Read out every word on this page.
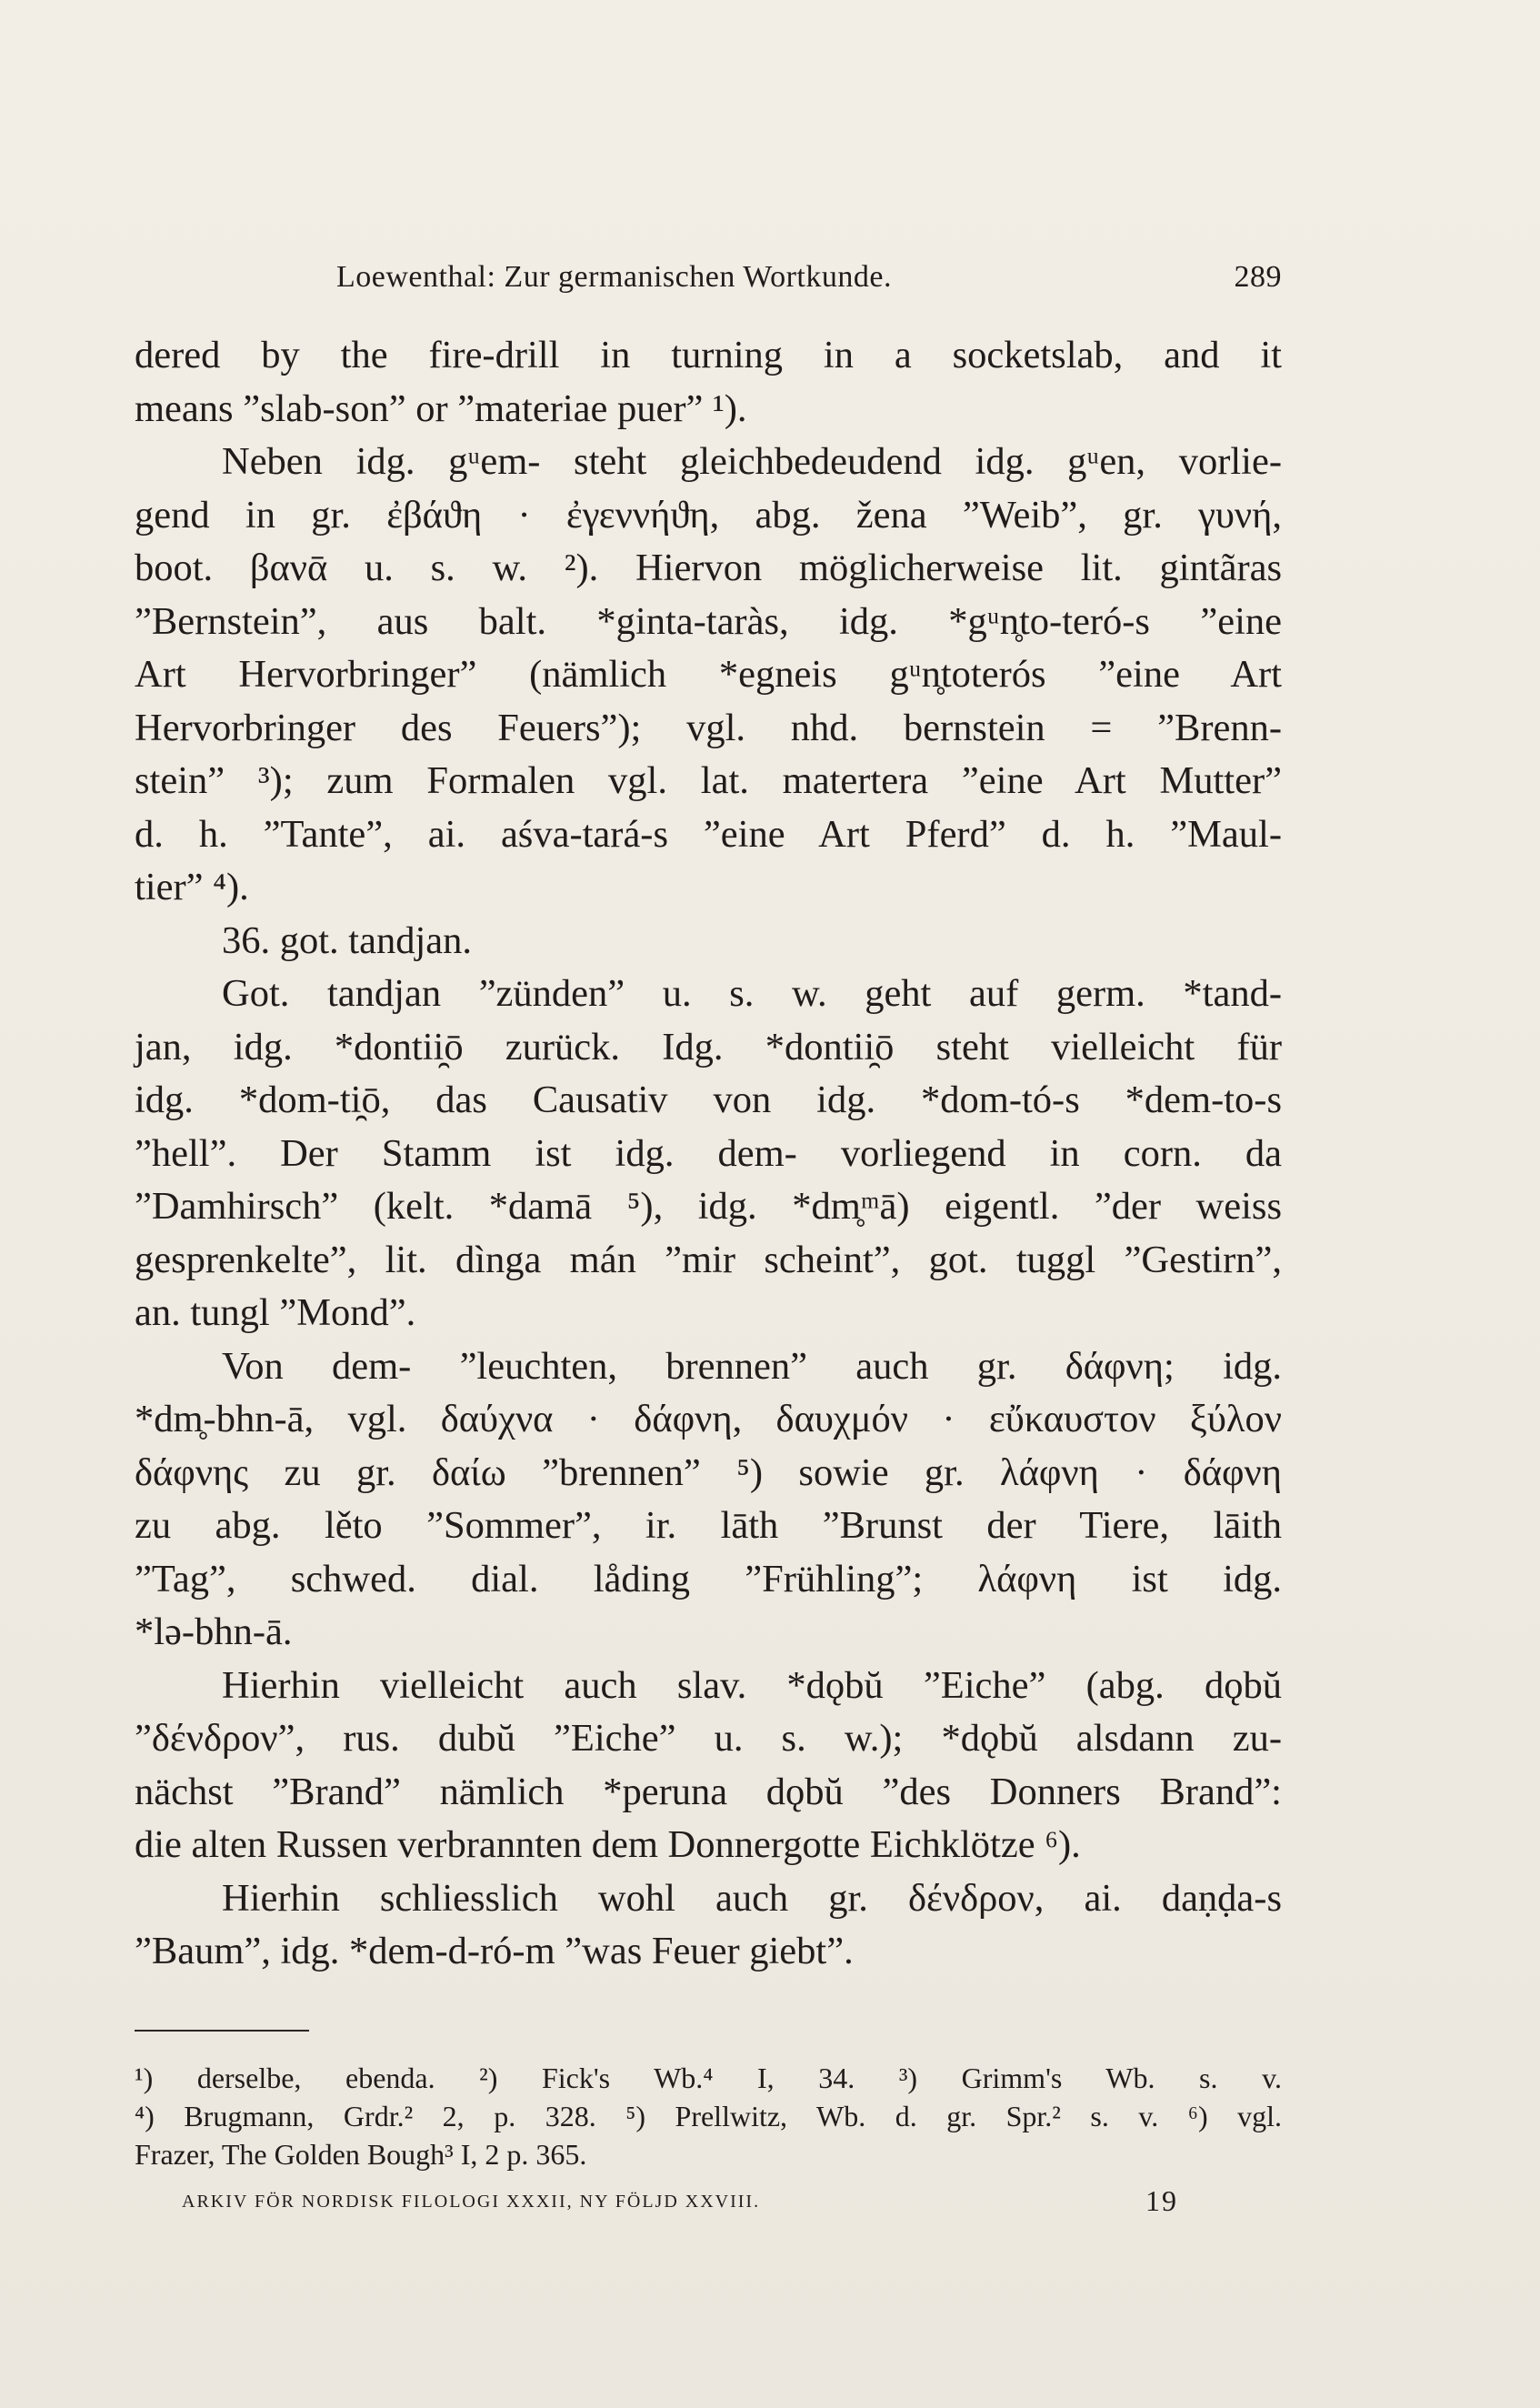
Loewenthal: Zur germanischen Wortkunde.	289
dered by the fire-drill in turning in a socketslab, and it
means ”slab-son” or ”materiae puer” ¹).
Neben idg. gᵘem- steht gleichbedeudend idg. gᵘen, vorlie-
gend in gr. ἐβάϑη · ἐγεννήϑη, abg. žena ”Weib”, gr. γυνή,
boot. βανᾱ u. s. w. ²). Hiervon möglicherweise lit. gintãras
”Bernstein”, aus balt. *ginta-taràs, idg. *gᵘn̥to-teró-s ”eine
Art Hervorbringer” (nämlich *egneis gᵘn̥toterós ”eine Art
Hervorbringer des Feuers”); vgl. nhd. bernstein = ”Brenn-
stein” ³); zum Formalen vgl. lat. matertera ”eine Art Mutter”
d. h. ”Tante”, ai. aśva-tará-s ”eine Art Pferd” d. h. ”Maul-
tier” ⁴).
36. got. tandjan.
Got. tandjan ”zünden” u. s. w. geht auf germ. *tand-
jan, idg. *dontii̯ō zurück. Idg. *dontii̯ō steht vielleicht für
idg. *dom-ti̯ō, das Causativ von idg. *dom-tó-s *dem-to-s
”hell”. Der Stamm ist idg. dem- vorliegend in corn. da
”Damhirsch” (kelt. *damā ⁵), idg. *dm̥ᵐā) eigentl. ”der weiss
gesprenkelte”, lit. dìnga mán ”mir scheint”, got. tuggl ”Gestirn”,
an. tungl ”Mond”.
Von dem- ”leuchten, brennen” auch gr. δάφνη; idg.
*dm̥-bhn-ā, vgl. δαύχνα · δάφνη, δαυχμόν · εὔκαυστον ξύλον
δάφνης zu gr. δαίω ”brennen” ⁵) sowie gr. λάφνη · δάφνη
zu abg. lěto ”Sommer”, ir. lāth ”Brunst der Tiere, lāith
”Tag”, schwed. dial. låding ”Frühling”; λάφνη ist idg.
*lə-bhn-ā.
Hierhin vielleicht auch slav. *dǫbŭ ”Eiche” (abg. dǫbŭ
”δένδρον”, rus. dubŭ ”Eiche” u. s. w.); *dǫbŭ alsdann zu-
nächst ”Brand” nämlich *peruna dǫbŭ ”des Donners Brand”:
die alten Russen verbrannten dem Donnergotte Eichklötze ⁶).
Hierhin schliesslich wohl auch gr. δένδρον, ai. daṇḍa-s
”Baum”, idg. *dem-d-ró-m ”was Feuer giebt”.
¹) derselbe, ebenda. ²) Fick's Wb.⁴ I, 34. ³) Grimm's Wb. s. v.
⁴) Brugmann, Grdr.² 2, p. 328. ⁵) Prellwitz, Wb. d. gr. Spr.² s. v. ⁶) vgl.
Frazer, The Golden Bough³ I, 2 p. 365.
ARKIV FÖR NORDISK FILOLOGI XXXII, NY FÖLJD XXVIII.	19
